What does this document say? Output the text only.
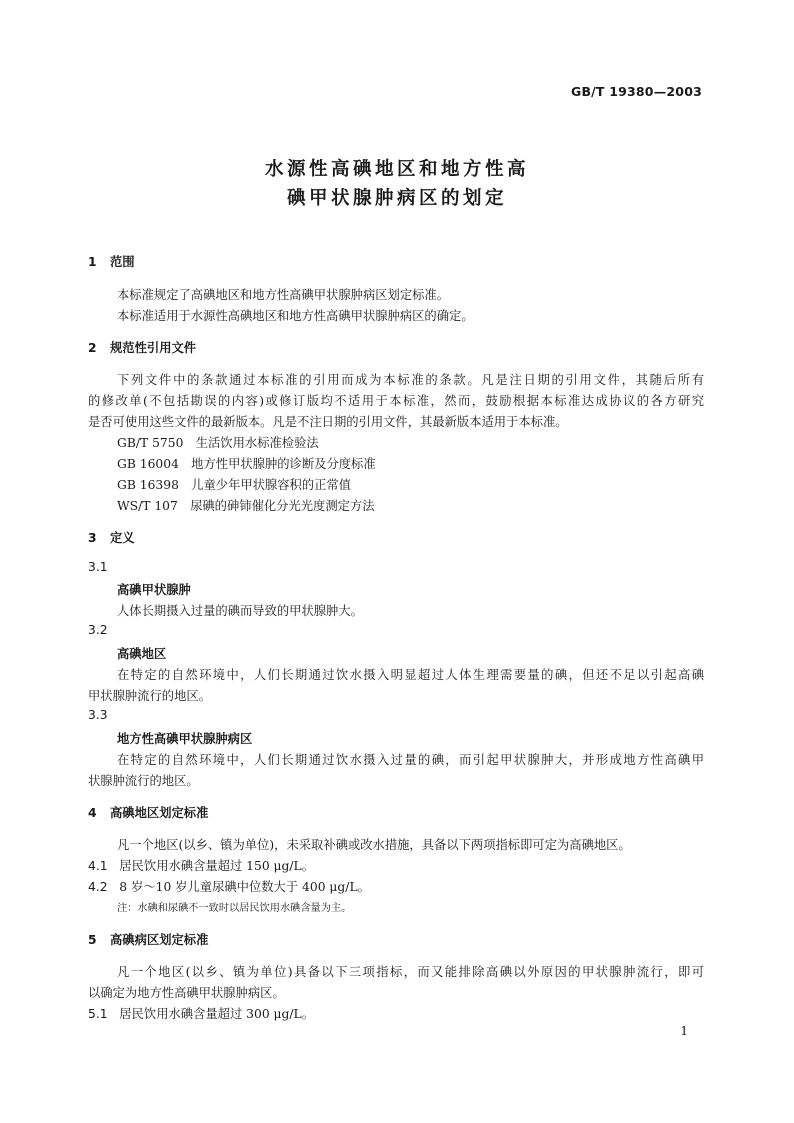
GB/T 19380—2003
水源性高碘地区和地方性高
碘甲状腺肿病区的划定
1 范围
本标准规定了高碘地区和地方性高碘甲状腺肿病区划定标准。
本标准适用于水源性高碘地区和地方性高碘甲状腺肿病区的确定。
2 规范性引用文件
下列文件中的条款通过本标准的引用而成为本标准的条款。凡是注日期的引用文件，其随后所有
的修改单(不包括勘误的内容)或修订版均不适用于本标准，然而，鼓励根据本标准达成协议的各方研究
是否可使用这些文件的最新版本。凡是不注日期的引用文件，其最新版本适用于本标准。
GB/T 5750　生活饮用水标准检验法
GB 16004　地方性甲状腺肿的诊断及分度标准
GB 16398　儿童少年甲状腺容积的正常值
WS/T 107　尿碘的砷铈催化分光光度测定方法
3 定义
3.1
高碘甲状腺肿
人体长期摄入过量的碘而导致的甲状腺肿大。
3.2
高碘地区
在特定的自然环境中，人们长期通过饮水摄入明显超过人体生理需要量的碘，但还不足以引起高碘
甲状腺肿流行的地区。
3.3
地方性高碘甲状腺肿病区
在特定的自然环境中，人们长期通过饮水摄入过量的碘，而引起甲状腺肿大，并形成地方性高碘甲
状腺肿流行的地区。
4 高碘地区划定标准
凡一个地区(以乡、镇为单位)，未采取补碘或改水措施，具备以下两项指标即可定为高碘地区。
4.1 居民饮用水碘含量超过 150 μg/L。
4.2 8 岁～10 岁儿童尿碘中位数大于 400 μg/L。
注：水碘和尿碘不一致时以居民饮用水碘含量为主。
5 高碘病区划定标准
凡一个地区(以乡、镇为单位)具备以下三项指标，而又能排除高碘以外原因的甲状腺肿流行，即可
以确定为地方性高碘甲状腺肿病区。
5.1 居民饮用水碘含量超过 300 μg/L。
1
